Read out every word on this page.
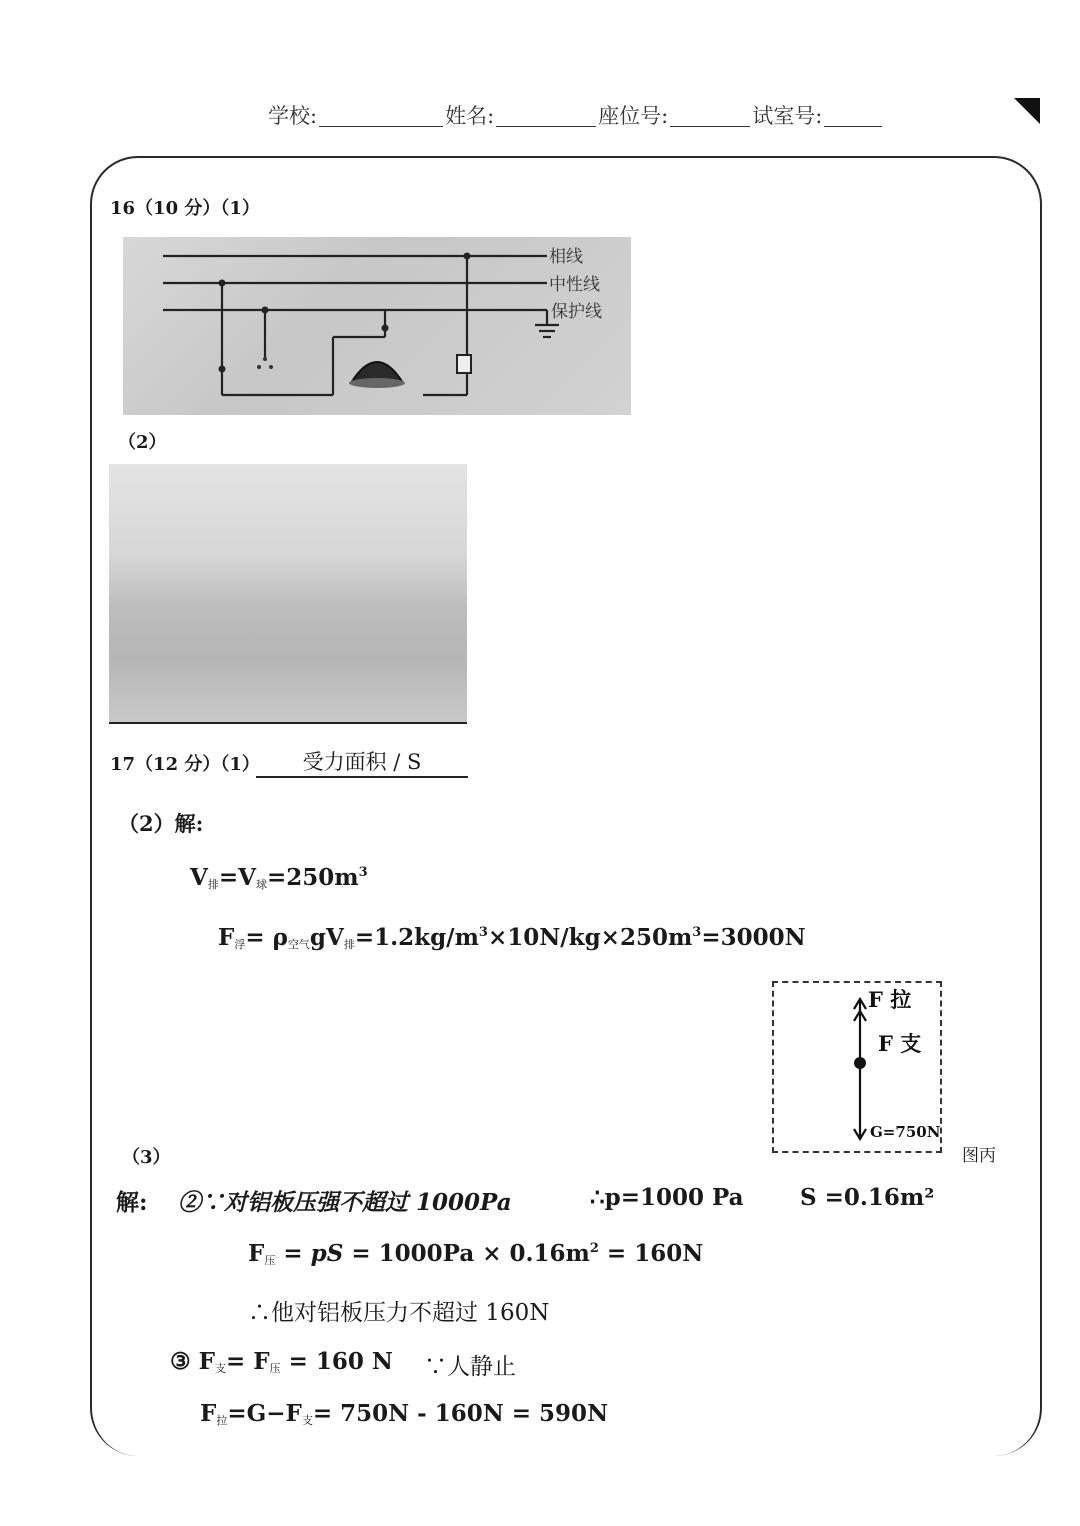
学校:	姓名:	座位号:	试室号:
16（10 分）（1）
相线
中性线
保护线
（2）
17（12 分）（1）	受力面积 / S
（2）解:
$V_排=V_球=250m^3$
$F_浮= \rho_{空气}gV_排=1.2kg/m^3\times 10N/kg\times 250m^3=3000N$
F 拉
F 支
G=750N
图丙
（3）
解: ②∵对铝板压强不超过 1000Pa	∴p=1000 Pa S =0.16m²
$F_压$ = pS = $1000Pa \times 0.16m^2 = 160N$
∴他对铝板压力不超过 160N
③ $F_支= F_压 = 160$ N ∵人静止
$F_拉=G-F_支= 750N - 160N = 590N$
